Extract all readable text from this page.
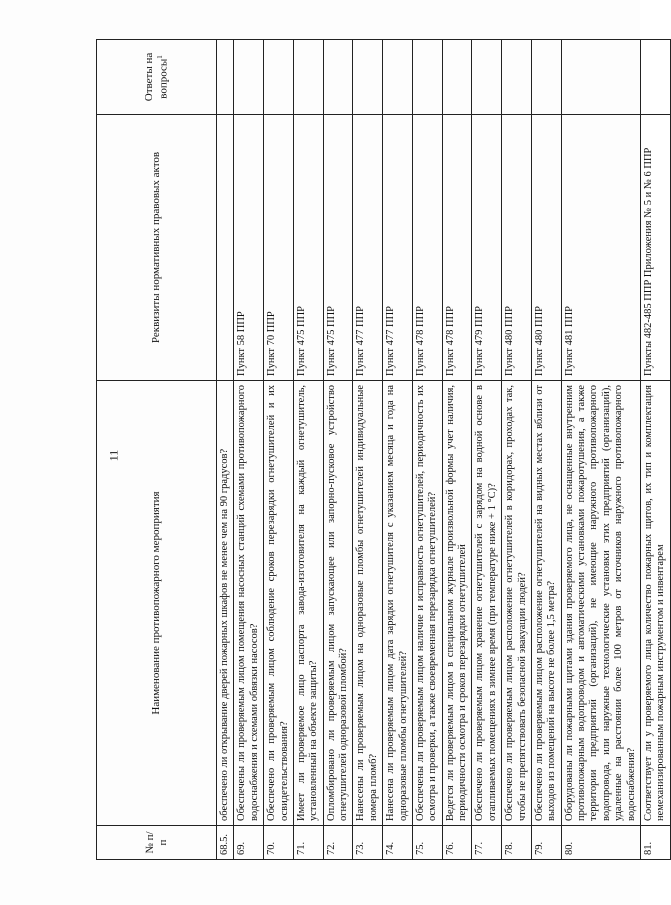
11
№ п/п	Наименование противопожарного мероприятия	Реквизиты нормативных правовых актов	Ответы на вопросы$^1$
68.5.	обеспечено ли открывание дверей пожарных шкафов не менее чем на 90 градусов?		
69.	Обеспечены ли проверяемым лицом помещения насосных станций схемами противопожарного водоснабжения и схемами обвязки насосов?	Пункт 58 ППР	
70.	Обеспечено ли проверяемым лицом соблюдение сроков перезарядки огнетушителей и их освидетельствования?	Пункт 70 ППР	
71.	Имеет ли проверяемое лицо паспорта завода-изготовителя на каждый огнетушитель, установленный на объекте защиты?	Пункт 475 ППР	
72.	Опломбировано ли проверяемым лицом запускающее или запорно-пусковое устройство огнетушителей одноразовой пломбой?	Пункт 475 ППР	
73.	Нанесены ли проверяемым лицом на одноразовые пломбы огнетушителей индивидуальные номера пломб?	Пункт 477 ППР	
74.	Нанесена ли проверяемым лицом дата зарядки огнетушителя с указанием месяца и года на одноразовые пломбы огнетушителей?	Пункт 477 ППР	
75.	Обеспечены ли проверяемым лицом наличие и исправность огнетушителей, периодичность их осмотра и проверки, а также своевременная перезарядка огнетушителей?	Пункт 478 ППР	
76.	Ведется ли проверяемым лицом в специальном журнале произвольной формы учет наличия, периодичности осмотра и сроков перезарядки огнетушителей	Пункт 478 ППР	
77.	Обеспечено ли проверяемым лицом хранение огнетушителей с зарядом на водной основе в отапливаемых помещениях в зимнее время (при температуре ниже + 1 °С)?	Пункт 479 ППР	
78.	Обеспечено ли проверяемым лицом расположение огнетушителей в коридорах, проходах так, чтобы не препятствовать безопасной эвакуации людей?	Пункт 480 ППР	
79.	Обеспечено ли проверяемым лицом расположение огнетушителей на видных местах вблизи от выходов из помещений на высоте не более 1,5 метра?	Пункт 480 ППР	
80.	Оборудованы ли пожарными щитами здания проверяемого лица, не оснащенные внутренним противопожарным водопроводом и автоматическими установками пожаротушения, а также территории предприятий (организаций), не имеющие наружного противопожарного водопровода, или наружные технологические установки этих предприятий (организаций), удаленные на расстоянии более 100 метров от источников наружного противопожарного водоснабжения?	Пункт 481 ППР	
81.	Соответствует ли у проверяемого лица количество пожарных щитов, их тип и комплектация немеханизированным пожарным инструментом и инвентарем	Пункты 482-485 ППР Приложения № 5 и № 6 ППР	
